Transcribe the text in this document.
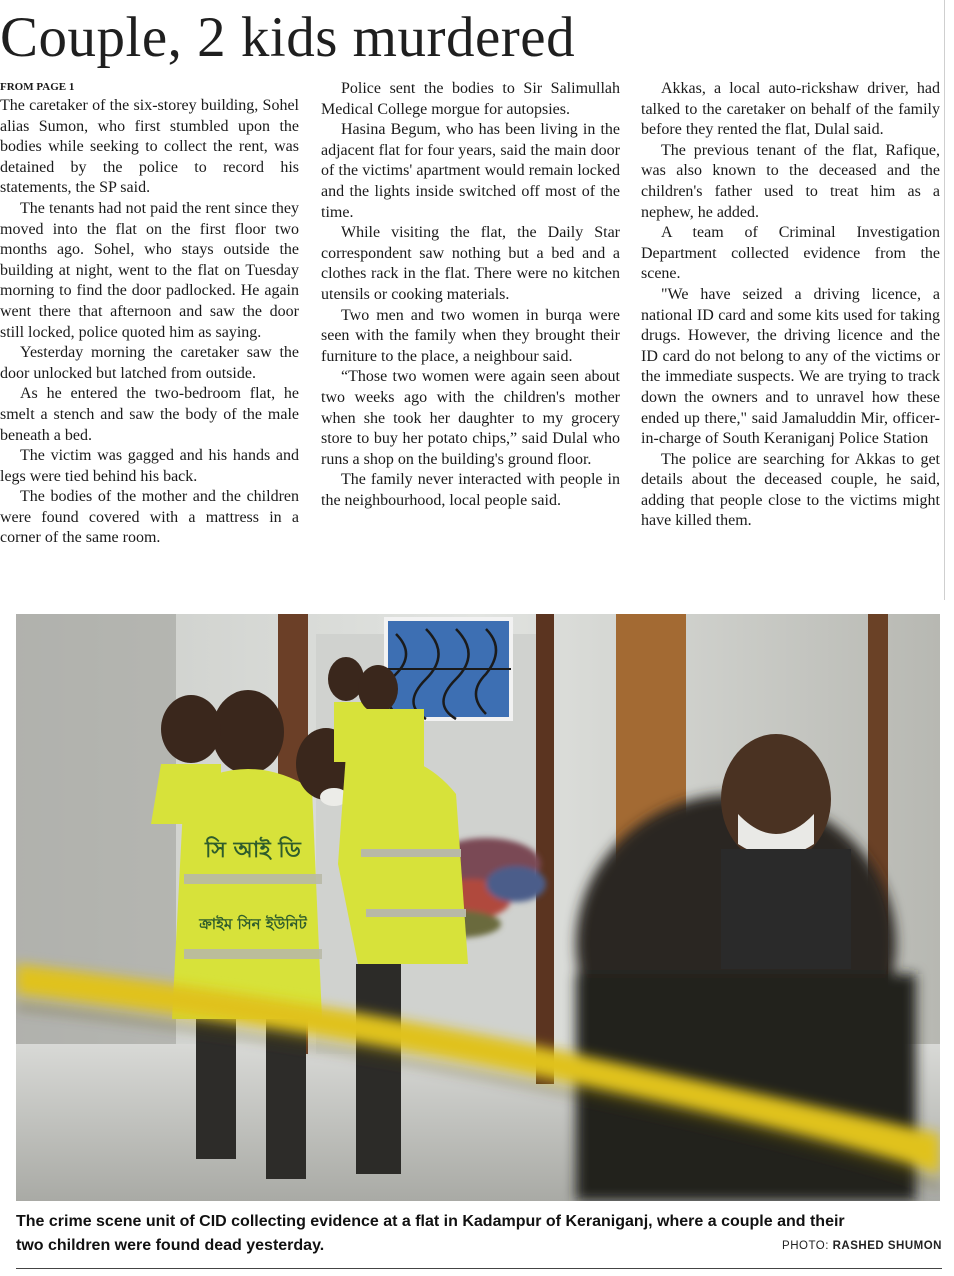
Couple, 2 kids murdered
FROM PAGE 1

The caretaker of the six-storey building, Sohel alias Sumon, who first stumbled upon the bodies while seeking to collect the rent, was detained by the police to record his statements, the SP said.

The tenants had not paid the rent since they moved into the flat on the first floor two months ago. Sohel, who stays outside the building at night, went to the flat on Tuesday morning to find the door padlocked. He again went there that afternoon and saw the door still locked, police quoted him as saying.

Yesterday morning the caretaker saw the door unlocked but latched from outside.

As he entered the two-bedroom flat, he smelt a stench and saw the body of the male beneath a bed.

The victim was gagged and his hands and legs were tied behind his back.

The bodies of the mother and the children were found covered with a mattress in a corner of the same room.

Police sent the bodies to Sir Salimullah Medical College morgue for autopsies.

Hasina Begum, who has been living in the adjacent flat for four years, said the main door of the victims' apartment would remain locked and the lights inside switched off most of the time.

While visiting the flat, the Daily Star correspondent saw nothing but a bed and a clothes rack in the flat. There were no kitchen utensils or cooking materials.

Two men and two women in burqa were seen with the family when they brought their furniture to the place, a neighbour said.

“Those two women were again seen about two weeks ago with the children's mother when she took her daughter to my grocery store to buy her potato chips,” said Dulal who runs a shop on the building's ground floor.

The family never interacted with people in the neighbourhood, local people said.

Akkas, a local auto-rickshaw driver, had talked to the caretaker on behalf of the family before they rented the flat, Dulal said.

The previous tenant of the flat, Rafique, was also known to the deceased and the children's father used to treat him as a nephew, he added.

A team of Criminal Investigation Department collected evidence from the scene.

"We have seized a driving licence, a national ID card and some kits used for taking drugs. However, the driving licence and the ID card do not belong to any of the victims or the immediate suspects. We are trying to track down the owners and to unravel how these ended up there," said Jamaluddin Mir, officer-in-charge of South Keraniganj Police Station

The police are searching for Akkas to get details about the deceased couple, he said, adding that people close to the victims might have killed them.

সি আই ডি
ক্রাইম সিন ইউনিট

The crime scene unit of CID collecting evidence at a flat in Kadampur of Keraniganj, where a couple and their two children were found dead yesterday.	PHOTO: RASHED SHUMON
